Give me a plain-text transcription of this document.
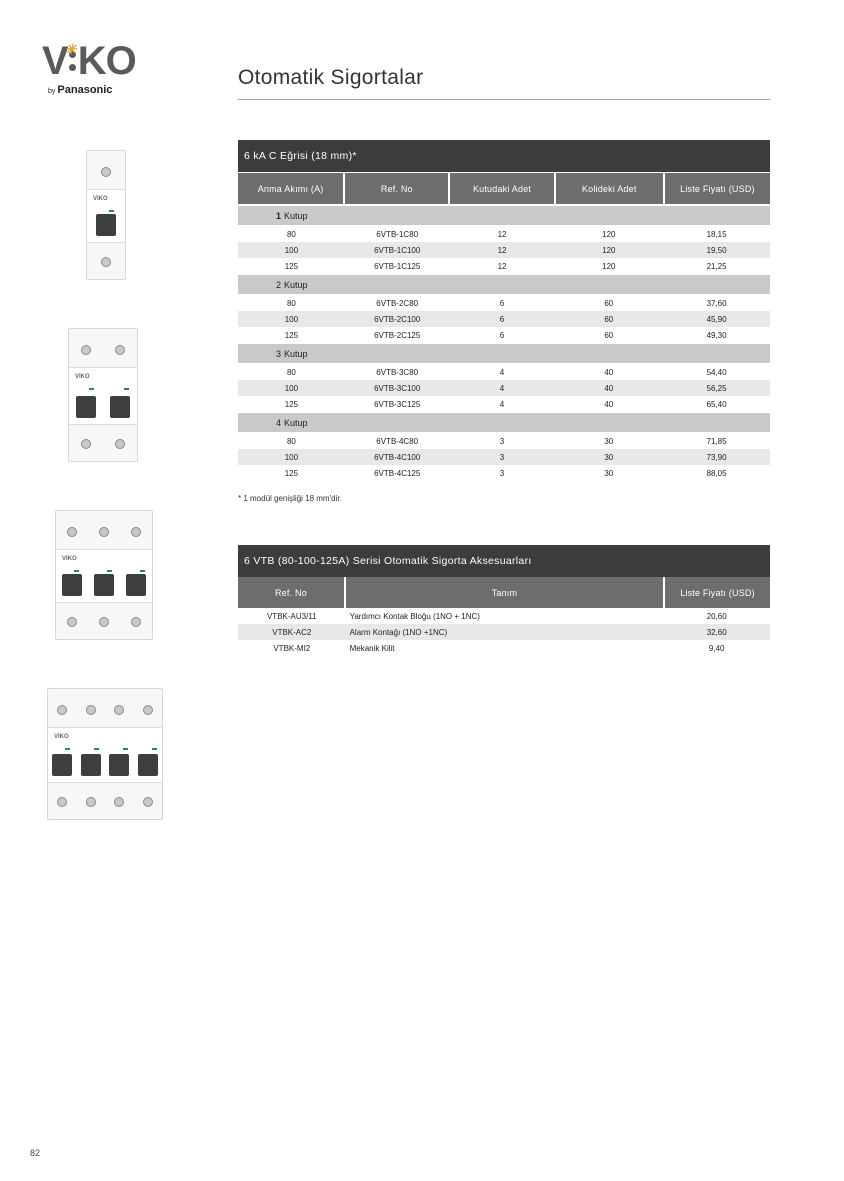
V
✳ KO
by Panasonic
Otomatik Sigortalar
VIKO
VIKO
VIKO
VIKO
6 kA C Eğrisi (18 mm)*
Anma Akımı (A)	Ref. No	Kutudaki Adet	Kolideki Adet	Liste Fiyatı (USD)
1 Kutup
80	6VTB-1C80	12	120	18,15
100	6VTB-1C100	12	120	19,50
125	6VTB-1C125	12	120	21,25
2 Kutup
80	6VTB-2C80	6	60	37,60
100	6VTB-2C100	6	60	45,90
125	6VTB-2C125	6	60	49,30
3 Kutup
80	6VTB-3C80	4	40	54,40
100	6VTB-3C100	4	40	56,25
125	6VTB-3C125	4	40	65,40
4 Kutup
80	6VTB-4C80	3	30	71,85
100	6VTB-4C100	3	30	73,90
125	6VTB-4C125	3	30	88,05
* 1 modül genişliği 18 mm'dir.
6 VTB (80-100-125A) Serisi Otomatik Sigorta Aksesuarları
Ref. No	Tanım	Liste Fiyatı (USD)
VTBK-AU3/11	Yardımcı Kontak Bloğu (1NO + 1NC)	20,60
VTBK-AC2	Alarm Kontağı (1NO +1NC)	32,60
VTBK-MI2	Mekanik Kilit	9,40
82
